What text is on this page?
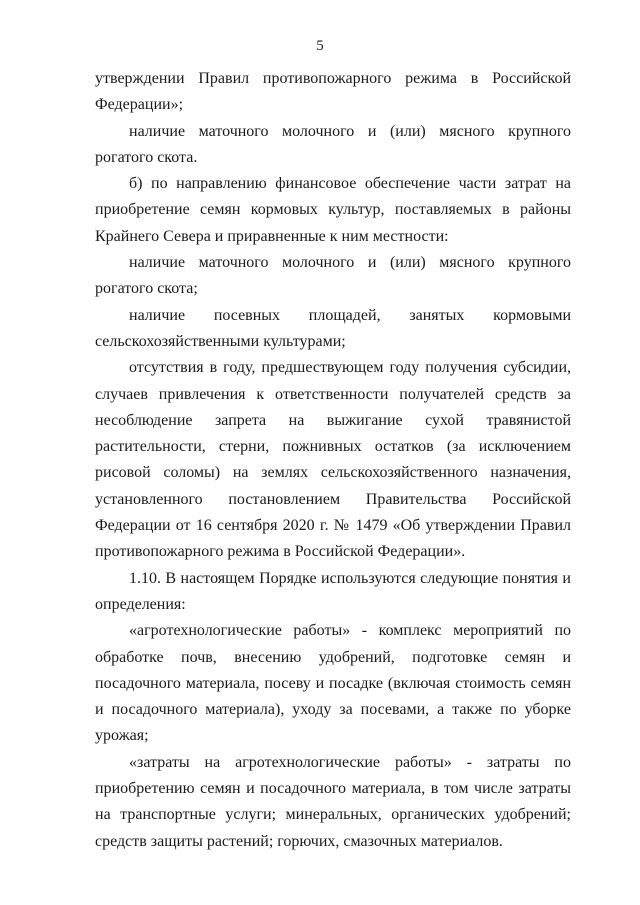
5

утверждении Правил противопожарного режима в Российской Федерации»;

наличие маточного молочного и (или) мясного крупного рогатого скота.

б) по направлению финансовое обеспечение части затрат на приобретение семян кормовых культур, поставляемых в районы Крайнего Севера и приравненные к ним местности:

наличие маточного молочного и (или) мясного крупного рогатого скота;

наличие посевных площадей, занятых кормовыми сельскохозяйственными культурами;

отсутствия в году, предшествующем году получения субсидии, случаев привлечения к ответственности получателей средств за несоблюдение запрета на выжигание сухой травянистой растительности, стерни, пожнивных остатков (за исключением рисовой соломы) на землях сельскохозяйственного назначения, установленного постановлением Правительства Российской Федерации от 16 сентября 2020 г. № 1479 «Об утверждении Правил противопожарного режима в Российской Федерации».

1.10. В настоящем Порядке используются следующие понятия и определения:

«агротехнологические работы» - комплекс мероприятий по обработке почв, внесению удобрений, подготовке семян и посадочного материала, посеву и посадке (включая стоимость семян и посадочного материала), уходу за посевами, а также по уборке урожая;

«затраты на агротехнологические работы» - затраты по приобретению семян и посадочного материала, в том числе затраты на транспортные услуги; минеральных, органических удобрений; средств защиты растений; горючих, смазочных материалов.
